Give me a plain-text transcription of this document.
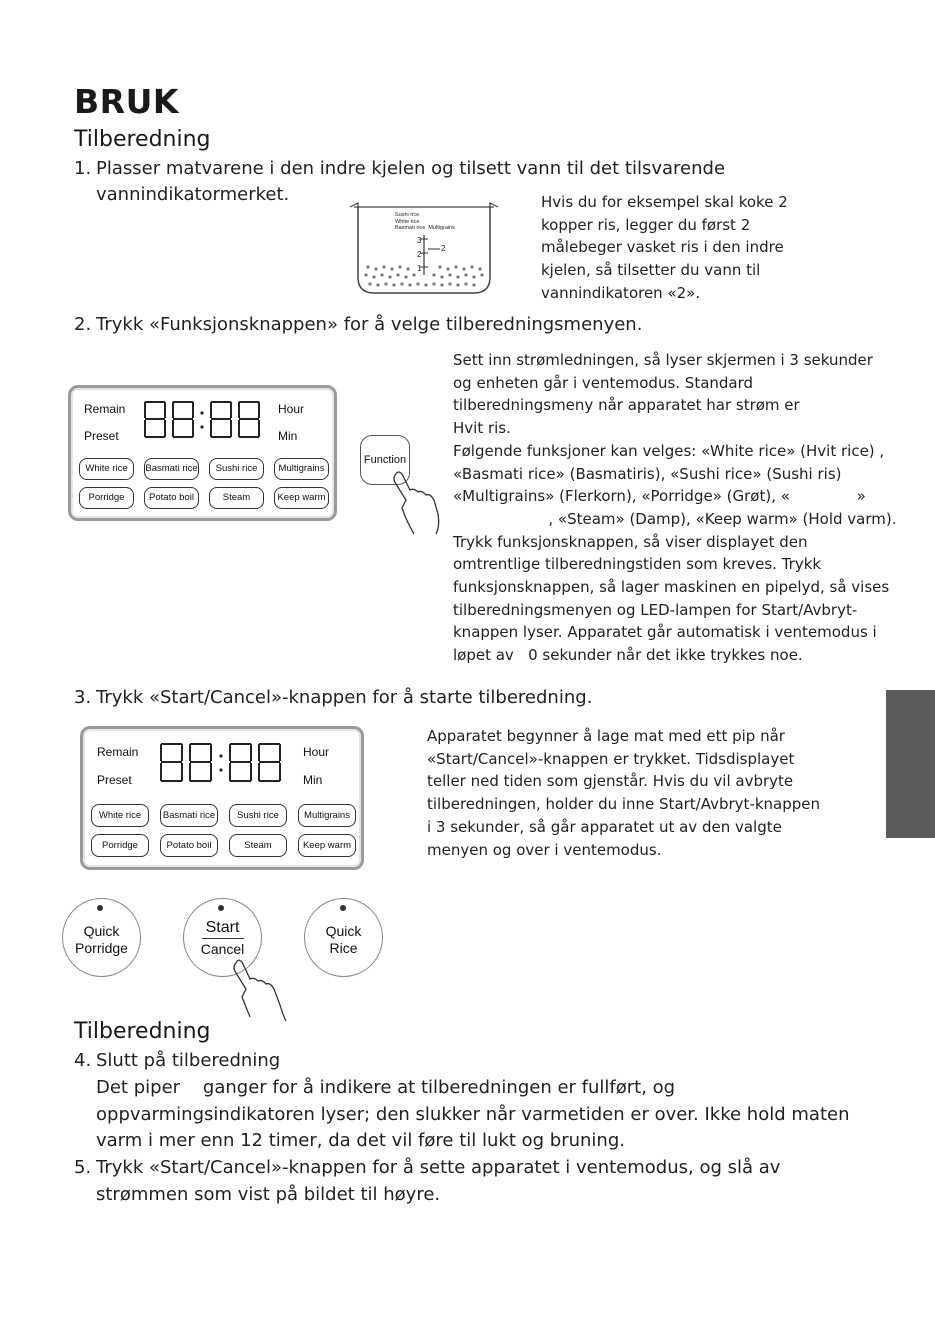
BRUK
Tilberedning
1. Plasser matvarene i den indre kjelen og tilsett vann til det tilsvarende
vannindikatormerket.
Sushi rice
White rice
Basmati rice Multigrains
3
2
2
1
Hvis du for eksempel skal koke 2
kopper ris, legger du først 2
målebeger vasket ris i den indre
kjelen, så tilsetter du vann til
vannindikatoren «2».
2. Trykk «Funksjonsknappen» for å velge tilberedningsmenyen.
Remain
Preset
Hour
Min
White rice	Basmati rice	Sushi rice	Multigrains
Porridge	Potato boil	Steam	Keep warm
Function
Sett inn strømledningen, så lyser skjermen i 3 sekunder
og enheten går i ventemodus. Standard
tilberedningsmeny når apparatet har strøm er
Hvit ris.
Følgende funksjoner kan velges: «White rice» (Hvit rice) ,
«Basmati rice» (Basmatiris), «Sushi rice» (Sushi ris)
«Multigrains» (Flerkorn), «Porridge» (Grøt), «              »
, «Steam» (Damp), «Keep warm» (Hold varm).
Trykk funksjonsknappen, så viser displayet den
omtrentlige tilberedningstiden som kreves. Trykk
funksjonsknappen, så lager maskinen en pipelyd, så vises
tilberedningsmenyen og LED-lampen for Start/Avbryt-
knappen lyser. Apparatet går automatisk i ventemodus i
løpet av   0 sekunder når det ikke trykkes noe.
3. Trykk «Start/Cancel»-knappen for å starte tilberedning.
Remain
Preset
Hour
Min
White rice	Basmati rice	Sushi rice	Multigrains
Porridge	Potato boil	Steam	Keep warm
Apparatet begynner å lage mat med ett pip når
«Start/Cancel»-knappen er trykket. Tidsdisplayet
teller ned tiden som gjenstår. Hvis du vil avbryte
tilberedningen, holder du inne Start/Avbryt-knappen
i 3 sekunder, så går apparatet ut av den valgte
menyen og over i ventemodus.
Quick
Porridge
Start
Cancel
Quick
Rice
Tilberedning
4. Slutt på tilberedning
Det piper    ganger for å indikere at tilberedningen er fullført, og
oppvarmingsindikatoren lyser; den slukker når varmetiden er over. Ikke hold maten
varm i mer enn 12 timer, da det vil føre til lukt og bruning.
5. Trykk «Start/Cancel»-knappen for å sette apparatet i ventemodus, og slå av
strømmen som vist på bildet til høyre.
